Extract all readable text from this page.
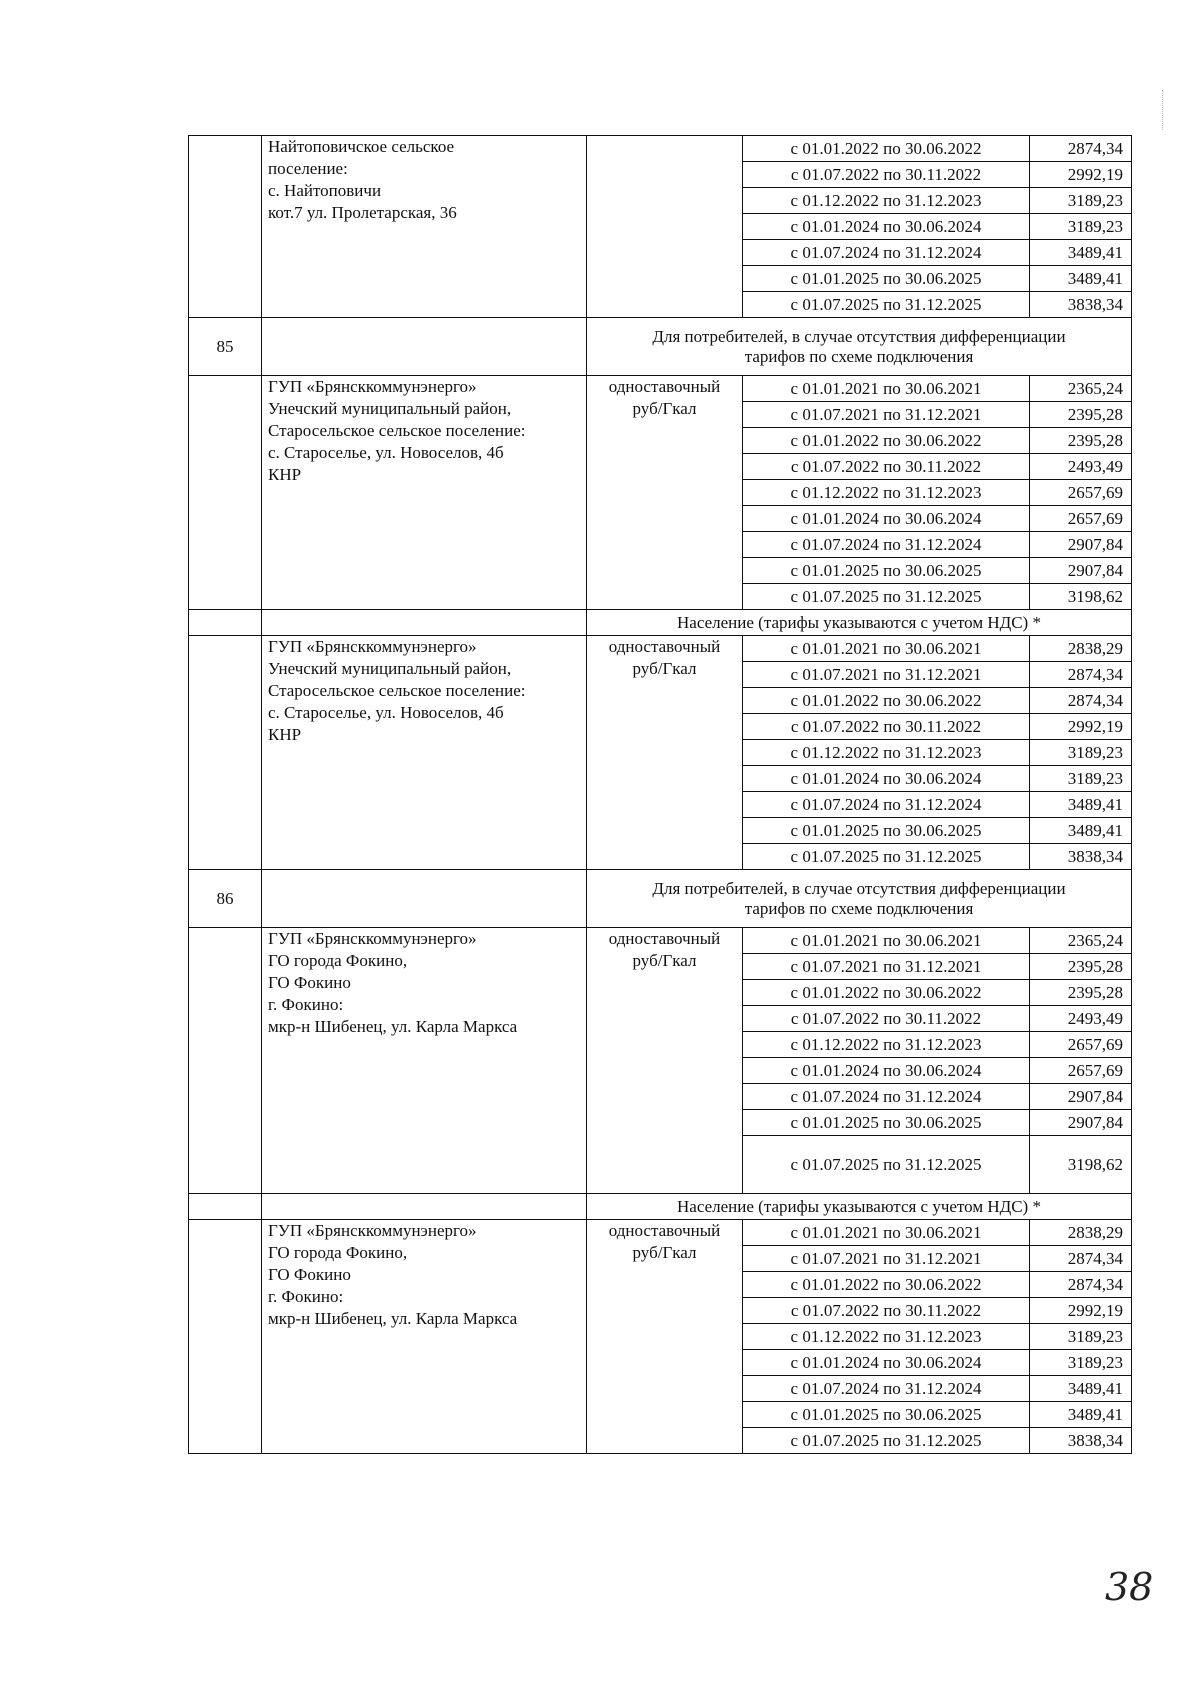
	Найтоповичское сельское
поселение:
с. Найтоповичи
кот.7 ул. Пролетарская, 36		с 01.01.2022 по 30.06.2022	2874,34
			с 01.07.2022 по 30.11.2022	2992,19
			с 01.12.2022 по 31.12.2023	3189,23
			с 01.01.2024 по 30.06.2024	3189,23
			с 01.07.2024 по 31.12.2024	3489,41
			с 01.01.2025 по 30.06.2025	3489,41
			с 01.07.2025 по 31.12.2025	3838,34
85		Для потребителей, в случае отсутствия дифференциации
тарифов по схеме подключения		

	ГУП «Брянсккоммунэнерго»
Унечский муниципальный район,
Старосельское сельское поселение:
с. Староселье, ул. Новоселов, 4б
КНР	одноставочный
руб/Гкал	с 01.01.2021 по 30.06.2021	2365,24
			с 01.07.2021 по 31.12.2021	2395,28
			с 01.01.2022 по 30.06.2022	2395,28
			с 01.07.2022 по 30.11.2022	2493,49
			с 01.12.2022 по 31.12.2023	2657,69
			с 01.01.2024 по 30.06.2024	2657,69
			с 01.07.2024 по 31.12.2024	2907,84
			с 01.01.2025 по 30.06.2025	2907,84
			с 01.07.2025 по 31.12.2025	3198,62

		Население (тарифы указываются с учетом НДС) *		

	ГУП «Брянсккоммунэнерго»
Унечский муниципальный район,
Старосельское сельское поселение:
с. Староселье, ул. Новоселов, 4б
КНР	одноставочный
руб/Гкал	с 01.01.2021 по 30.06.2021	2838,29
			с 01.07.2021 по 31.12.2021	2874,34
			с 01.01.2022 по 30.06.2022	2874,34
			с 01.07.2022 по 30.11.2022	2992,19
			с 01.12.2022 по 31.12.2023	3189,23
			с 01.01.2024 по 30.06.2024	3189,23
			с 01.07.2024 по 31.12.2024	3489,41
			с 01.01.2025 по 30.06.2025	3489,41
			с 01.07.2025 по 31.12.2025	3838,34
86		Для потребителей, в случае отсутствия дифференциации
тарифов по схеме подключения		

	ГУП «Брянсккоммунэнерго»
ГО города Фокино,
ГО Фокино
г. Фокино:
мкр-н Шибенец, ул. Карла Маркса	одноставочный
руб/Гкал	с 01.01.2021 по 30.06.2021	2365,24
			с 01.07.2021 по 31.12.2021	2395,28
			с 01.01.2022 по 30.06.2022	2395,28
			с 01.07.2022 по 30.11.2022	2493,49
			с 01.12.2022 по 31.12.2023	2657,69
			с 01.01.2024 по 30.06.2024	2657,69
			с 01.07.2024 по 31.12.2024	2907,84
			с 01.01.2025 по 30.06.2025	2907,84
			с 01.07.2025 по 31.12.2025	3198,62

		Население (тарифы указываются с учетом НДС) *		

	ГУП «Брянсккоммунэнерго»
ГО города Фокино,
ГО Фокино
г. Фокино:
мкр-н Шибенец, ул. Карла Маркса	одноставочный
руб/Гкал	с 01.01.2021 по 30.06.2021	2838,29
			с 01.07.2021 по 31.12.2021	2874,34
			с 01.01.2022 по 30.06.2022	2874,34
			с 01.07.2022 по 30.11.2022	2992,19
			с 01.12.2022 по 31.12.2023	3189,23
			с 01.01.2024 по 30.06.2024	3189,23
			с 01.07.2024 по 31.12.2024	3489,41
			с 01.01.2025 по 30.06.2025	3489,41
			с 01.07.2025 по 31.12.2025	3838,34
38
